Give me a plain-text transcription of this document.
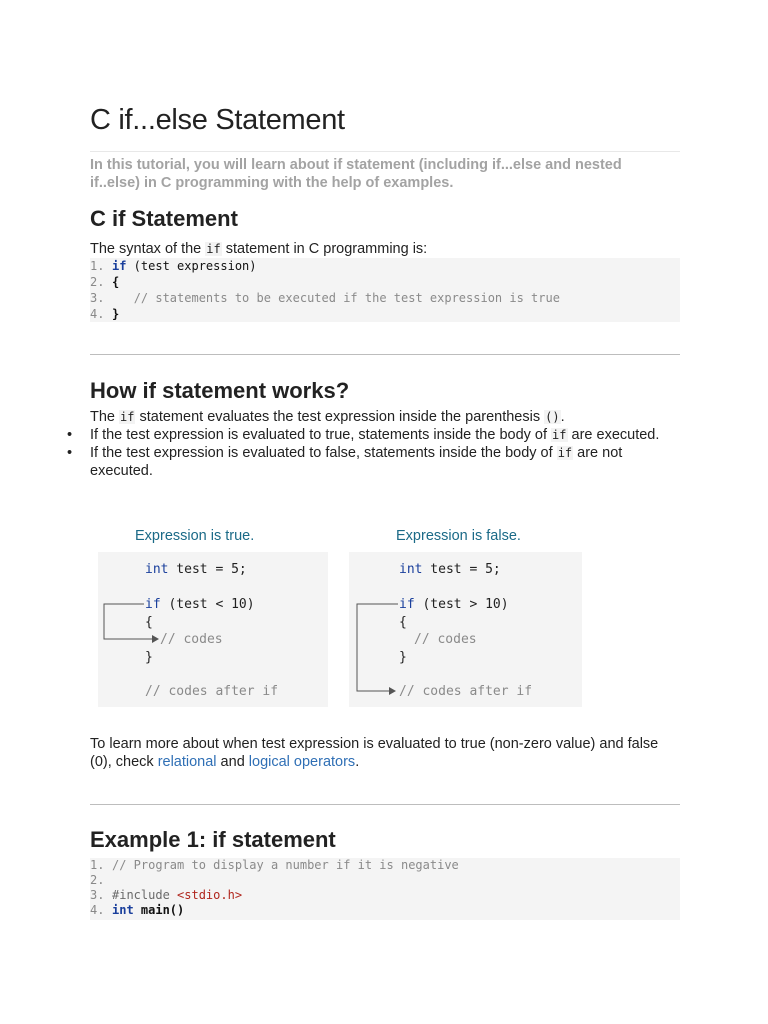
C if...else Statement

In this tutorial, you will learn about if statement (including if...else and nested if..else) in C programming with the help of examples.

C if Statement

The syntax of the if statement in C programming is:

1. if (test expression)
2. {
3. // statements to be executed if the test expression is true
4. }
How if statement works?

The if statement evaluates the test expression inside the parenthesis ().

• If the test expression is evaluated to true, statements inside the body of if are executed.
• If the test expression is evaluated to false, statements inside the body of if are not executed.
Expression is true.
int test = 5;
if (test < 10)
{
// codes
}
// codes after if
Expression is false.
int test = 5;
if (test > 10)
{
// codes
}
// codes after if

To learn more about when test expression is evaluated to true (non-zero value) and false (0), check relational and logical operators.

Example 1: if statement
1. // Program to display a number if it is negative
2.
3. #include <stdio.h>
4. int main()
